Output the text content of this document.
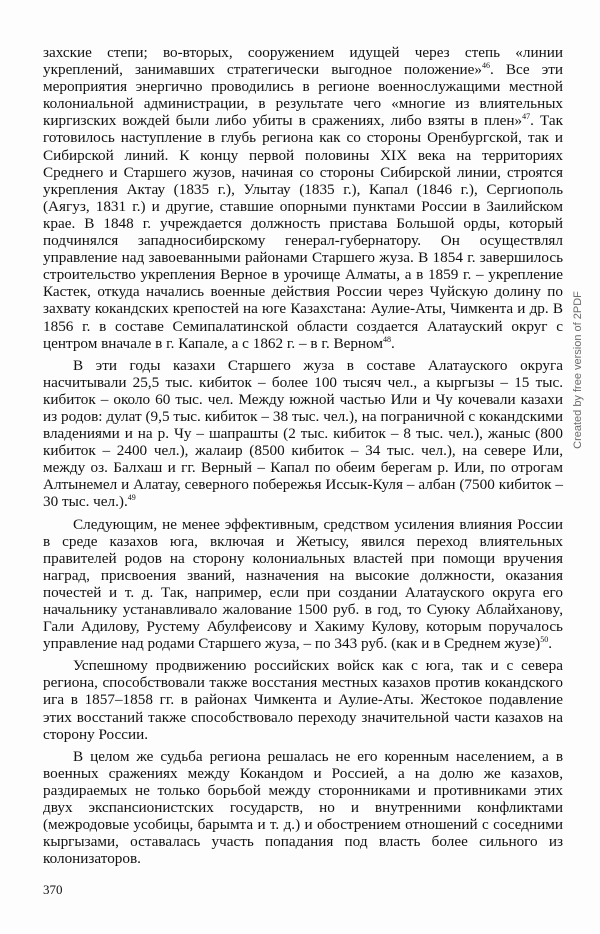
захские степи; во-вторых, сооружением идущей через степь «линии укреплений, занимавших стратегически выгодное положение»$^{46}$. Все эти мероприятия энергично проводились в регионе военнослужащими местной колониальной администрации, в результате чего «многие из влиятельных киргизских вождей были либо убиты в сражениях, либо взяты в плен»$^{47}$. Так готовилось наступление в глубь региона как со стороны Оренбургской, так и Сибирской линий. К концу первой половины XIX века на территориях Среднего и Старшего жузов, начиная со стороны Сибирской линии, строятся укрепления Актау (1835 г.), Улытау (1835 г.), Капал (1846 г.), Сергиополь (Аягуз, 1831 г.) и другие, ставшие опорными пунктами России в Заилийском крае. В 1848 г. учреждается должность пристава Большой орды, который подчинялся западносибирскому генерал-губернатору. Он осуществлял управление над завоеванными районами Старшего жуза. В 1854 г. завершилось строительство укрепления Верное в урочище Алматы, а в 1859 г. – укрепление Кастек, откуда начались военные действия России через Чуйскую долину по захвату кокандских крепостей на юге Казахстана: Аулие-Аты, Чимкента и др. В 1856 г. в составе Семипалатинской области создается Алатауский округ с центром вначале в г. Капале, а с 1862 г. – в г. Верном$^{48}$.

В эти годы казахи Старшего жуза в составе Алатауского округа насчитывали 25,5 тыс. кибиток – более 100 тысяч чел., а кыргызы – 15 тыс. кибиток – около 60 тыс. чел. Между южной частью Или и Чу кочевали казахи из родов: дулат (9,5 тыс. кибиток – 38 тыс. чел.), на пограничной с кокандскими владениями и на р. Чу – шапрашты (2 тыс. кибиток – 8 тыс. чел.), жаныс (800 кибиток – 2400 чел.), жалаир (8500 кибиток – 34 тыс. чел.), на севере Или, между оз. Балхаш и гг. Верный – Капал по обеим берегам р. Или, по отрогам Алтынемел и Алатау, северного побережья Иссык-Куля – албан (7500 кибиток – 30 тыс. чел.).$^{49}$

Следующим, не менее эффективным, средством усиления влияния России в среде казахов юга, включая и Жетысу, явился переход влиятельных правителей родов на сторону колониальных властей при помощи вручения наград, присвоения званий, назначения на высокие должности, оказания почестей и т. д. Так, например, если при создании Алатауского округа его начальнику устанавливало жалование 1500 руб. в год, то Суюку Аблайхановy, Гали Адилову, Рустему Абулфеисову и Хакиму Кулову, которым поручалось управление над родами Старшего жуза, – по 343 руб. (как и в Среднем жузе)$^{50}$.

Успешному продвижению российских войск как с юга, так и с севера региона, способствовали также восстания местных казахов против кокандского ига в 1857–1858 гг. в районах Чимкента и Аулие-Аты. Жестокое подавление этих восстаний также способствовало переходу значительной части казахов на сторону России.

В целом же судьба региона решалась не его коренным населением, а в военных сражениях между Кокандом и Россией, а на долю же казахов, раздираемых не только борьбой между сторонниками и противниками этих двух экспансионистских государств, но и внутренними конфликтами (межродовые усобицы, барымта и т. д.) и обострением отношений с соседними кыргызами, оставалась участь попадания под власть более сильного из колонизаторов.

370
Created by free version of 2PDF
